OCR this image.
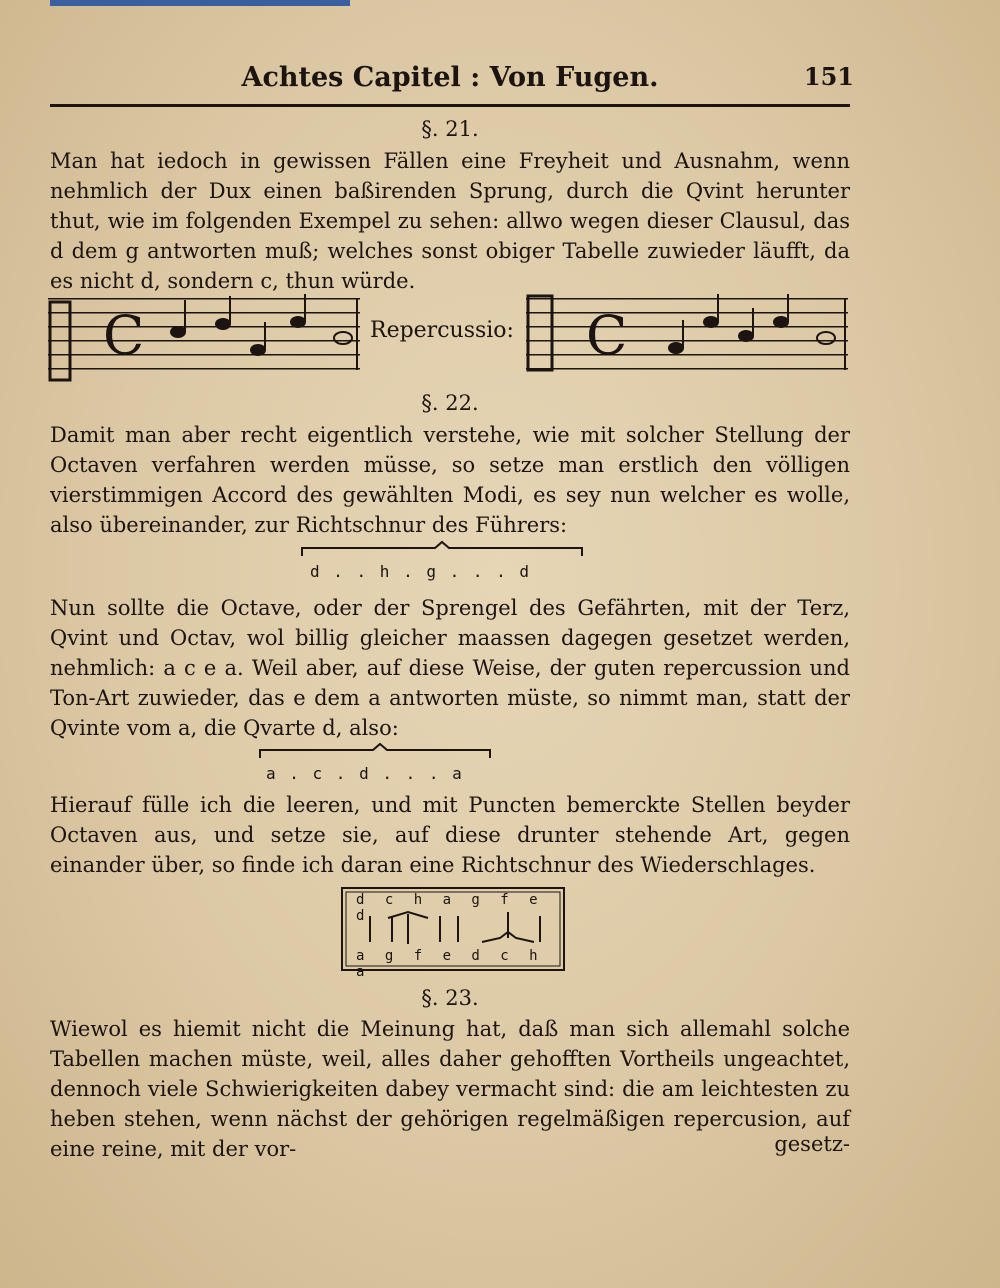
Achtes Capitel : Von Fugen.	151
§. 21.

Man hat iedoch in gewissen Fällen eine Freyheit und Ausnahm, wenn nehmlich der Dux einen baßirenden Sprung, durch die Qvint herunter thut, wie im folgenden Exempel zu sehen: allwo wegen dieser Clausul, das d dem g antworten muß; welches sonst obiger Tabelle zuwieder läufft, da es nicht d, sondern c, thun würde.

C	Repercussio: C
§. 22.

Damit man aber recht eigentlich verstehe, wie mit solcher Stellung der Octaven verfahren werden müsse, so setze man erstlich den völligen vierstimmigen Accord des gewählten Modi, es sey nun welcher es wolle, also übereinander, zur Richtschnur des Führers:

d . . h . g . . . d

Nun sollte die Octave, oder der Sprengel des Gefährten, mit der Terz, Qvint und Octav, wol billig gleicher maassen dagegen gesetzet werden, nehmlich: a c e a. Weil aber, auf diese Weise, der guten repercussion und Ton-Art zuwieder, das e dem a antworten müste, so nimmt man, statt der Qvinte vom a, die Qvarte d, also:

a . c . d . . . a

Hierauf fülle ich die leeren, und mit Puncten bemerckte Stellen beyder Octaven aus, und setze sie, auf diese drunter stehende Art, gegen einander über, so finde ich daran eine Richtschnur des Wiederschlages.

d c h a g f e d
a g f e d c h a
§. 23.

Wiewol es hiemit nicht die Meinung hat, daß man sich allemahl solche Tabellen machen müste, weil, alles daher gehofften Vortheils ungeachtet, dennoch viele Schwierigkeiten dabey vermacht sind: die am leichtesten zu heben stehen, wenn nächst der gehörigen regelmäßigen repercusion, auf eine reine, mit der vor-	gesetz-
